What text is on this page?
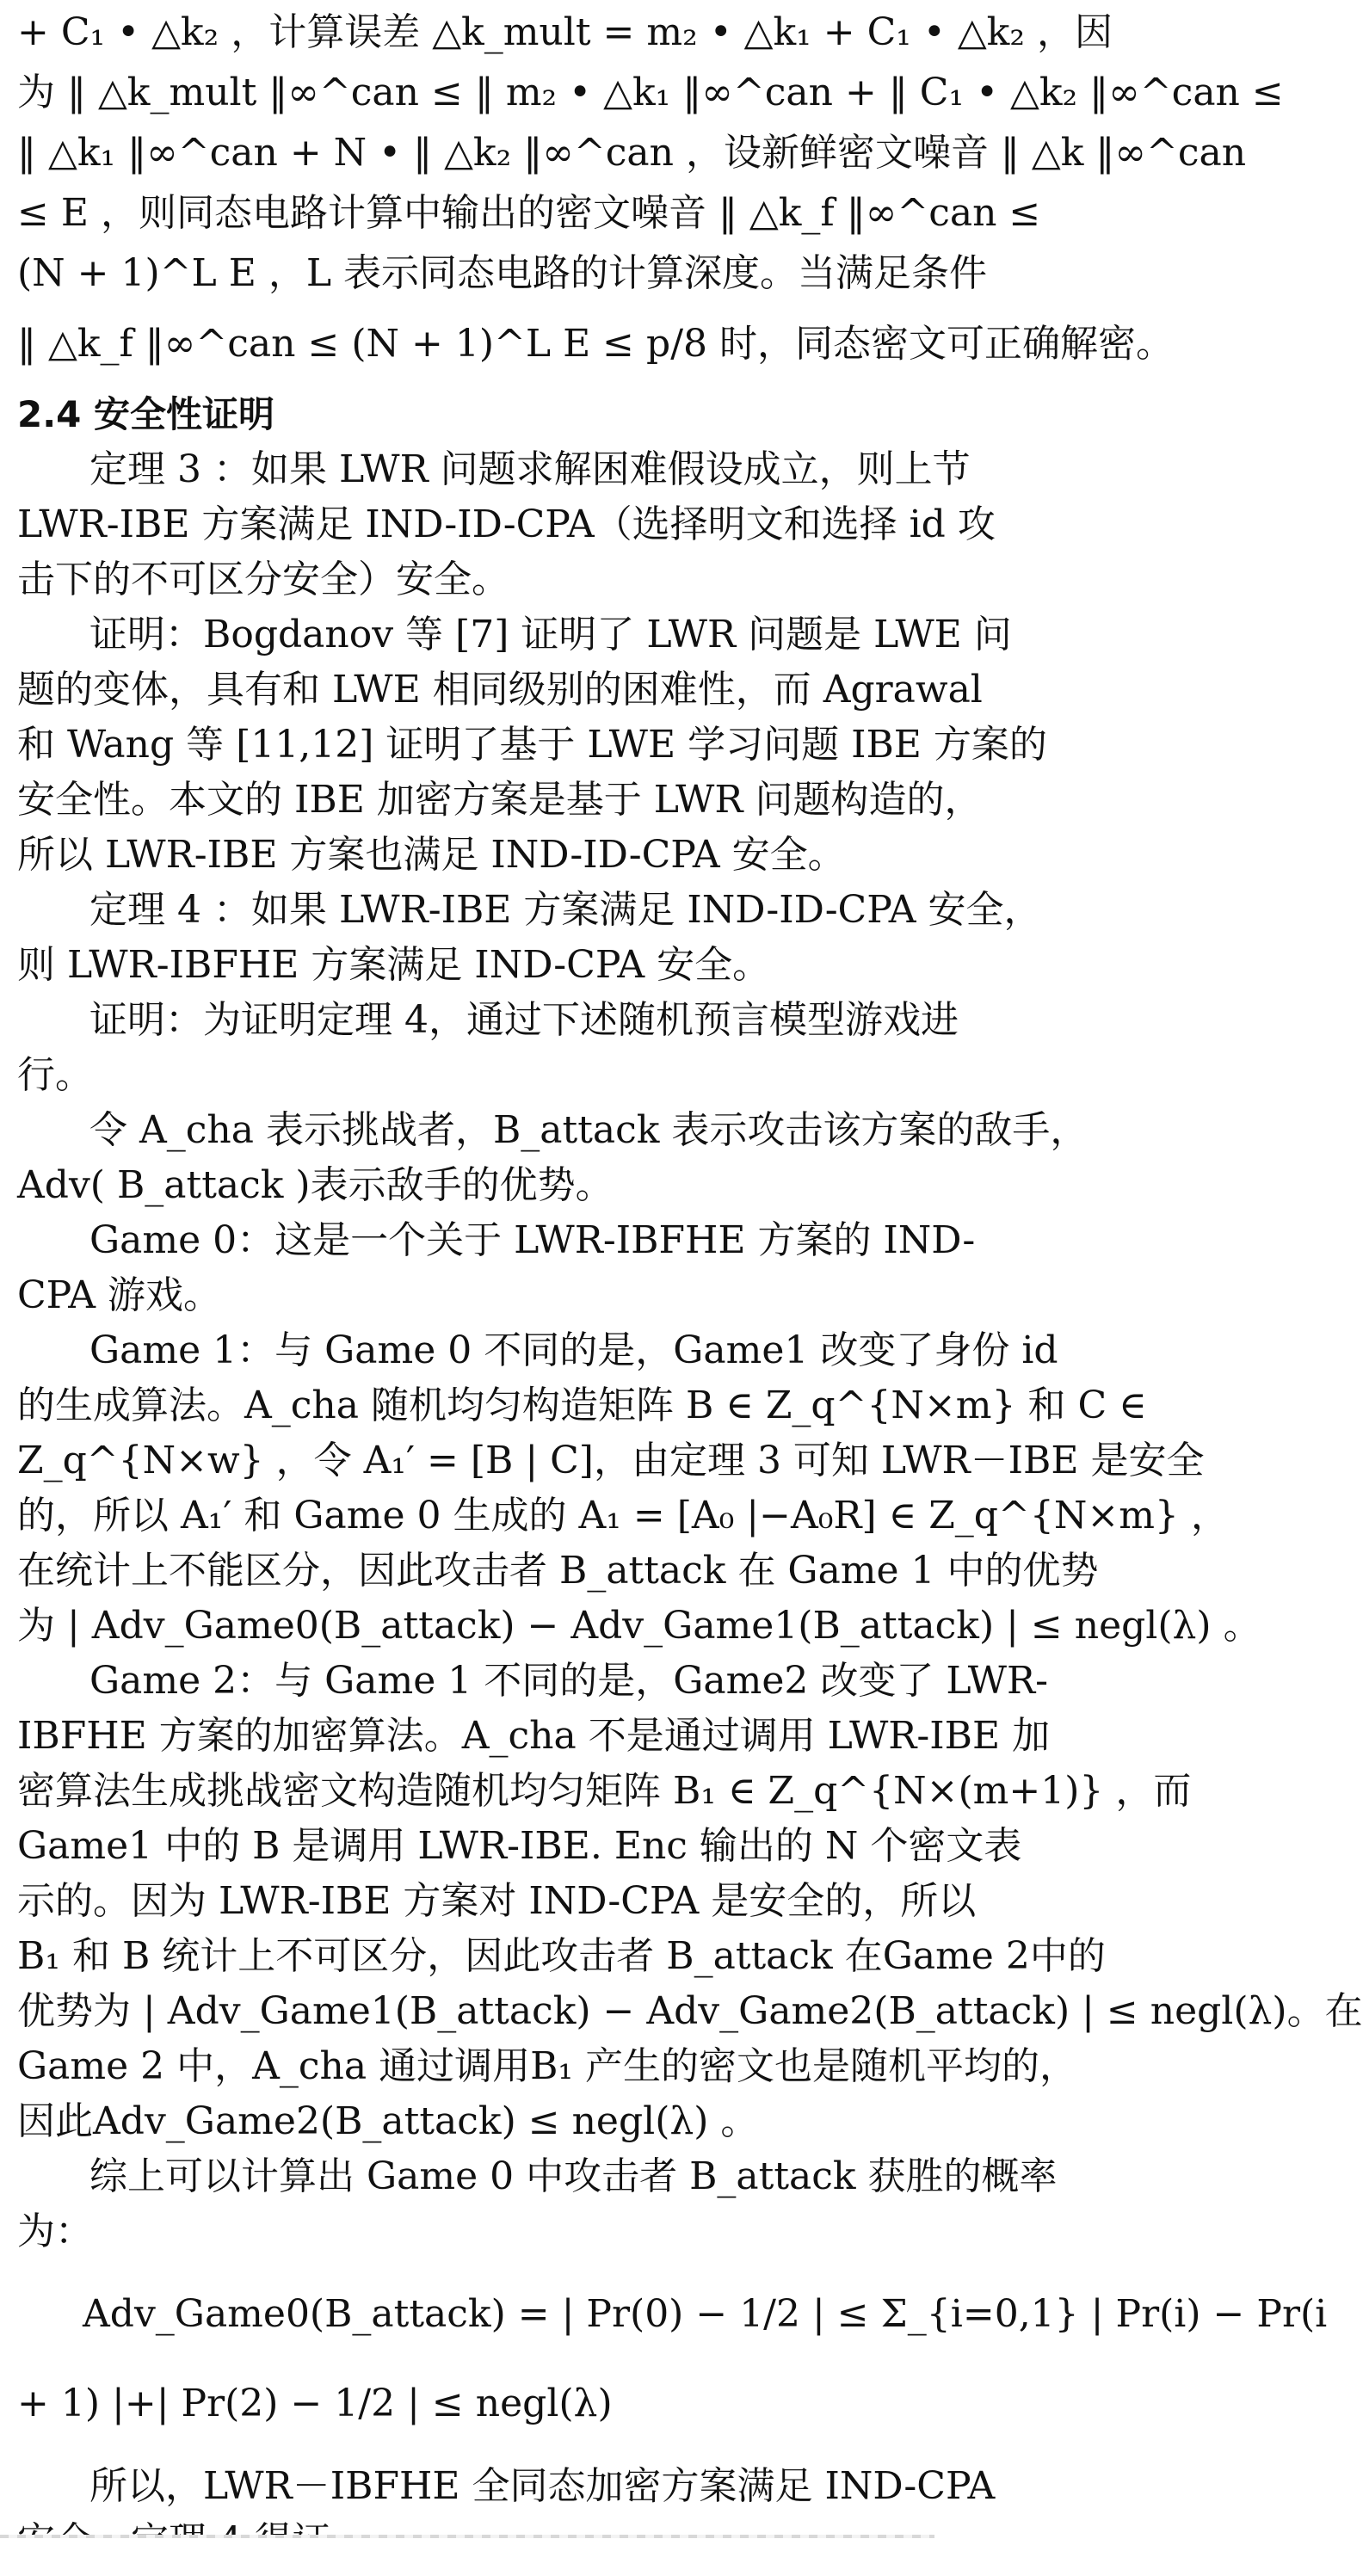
+ C₁ • △k₂ ，计算误差 △k_mult = m₂ • △k₁ + C₁ • △k₂ ，因
为 ‖ △k_mult ‖∞^can ≤ ‖ m₂ • △k₁ ‖∞^can + ‖ C₁ • △k₂ ‖∞^can ≤
‖ △k₁ ‖∞^can + N • ‖ △k₂ ‖∞^can ，设新鲜密文噪音 ‖ △k ‖∞^can
≤ E ，则同态电路计算中输出的密文噪音 ‖ △k_f ‖∞^can ≤
(N + 1)^L E ，L 表示同态电路的计算深度。当满足条件
‖ △k_f ‖∞^can ≤ (N + 1)^L E ≤ p/8 时，同态密文可正确解密。
2.4 安全性证明
定理 3 ：如果 LWR 问题求解困难假设成立，则上节
LWR-IBE 方案满足 IND-ID-CPA（选择明文和选择 id 攻
击下的不可区分安全）安全。
证明：Bogdanov 等 [7] 证明了 LWR 问题是 LWE 问
题的变体，具有和 LWE 相同级别的困难性，而 Agrawal
和 Wang 等 [11,12] 证明了基于 LWE 学习问题 IBE 方案的
安全性。本文的 IBE 加密方案是基于 LWR 问题构造的，
所以 LWR-IBE 方案也满足 IND-ID-CPA 安全。
定理 4 ：如果 LWR-IBE 方案满足 IND-ID-CPA 安全，
则 LWR-IBFHE 方案满足 IND-CPA 安全。
证明：为证明定理 4，通过下述随机预言模型游戏进
行。
令 A_cha 表示挑战者，B_attack 表示攻击该方案的敌手，
Adv( B_attack )表示敌手的优势。
Game 0：这是一个关于 LWR-IBFHE 方案的 IND-
CPA 游戏。
Game 1：与 Game 0 不同的是，Game1 改变了身份 id
的生成算法。A_cha 随机均匀构造矩阵 B ∈ Z_q^{N×m} 和 C ∈
Z_q^{N×w} ，令 A₁′ = [B | C]，由定理 3 可知 LWR－IBE 是安全
的，所以 A₁′ 和 Game 0 生成的 A₁ = [A₀ |−A₀R] ∈ Z_q^{N×m} ，
在统计上不能区分，因此攻击者 B_attack 在 Game 1 中的优势
为 | Adv_Game0(B_attack) − Adv_Game1(B_attack) | ≤ negl(λ) 。
Game 2：与 Game 1 不同的是，Game2 改变了 LWR-
IBFHE 方案的加密算法。A_cha 不是通过调用 LWR-IBE 加
密算法生成挑战密文构造随机均匀矩阵 B₁ ∈ Z_q^{N×(m+1)} ，而
Game1 中的 B 是调用 LWR-IBE. Enc 输出的 N 个密文表
示的。因为 LWR-IBE 方案对 IND-CPA 是安全的，所以
B₁ 和 B 统计上不可区分，因此攻击者 B_attack 在Game 2中的
优势为 | Adv_Game1(B_attack) − Adv_Game2(B_attack) | ≤ negl(λ)。在
Game 2 中，A_cha 通过调用B₁ 产生的密文也是随机平均的，
因此Adv_Game2(B_attack) ≤ negl(λ) 。
综上可以计算出 Game 0 中攻击者 B_attack 获胜的概率
为：
Adv_Game0(B_attack) = | Pr(0) − 1/2 | ≤ Σ_{i=0,1} | Pr(i) − Pr(i
+ 1) |+| Pr(2) − 1/2 | ≤ negl(λ)
所以，LWR－IBFHE 全同态加密方案满足 IND-CPA
